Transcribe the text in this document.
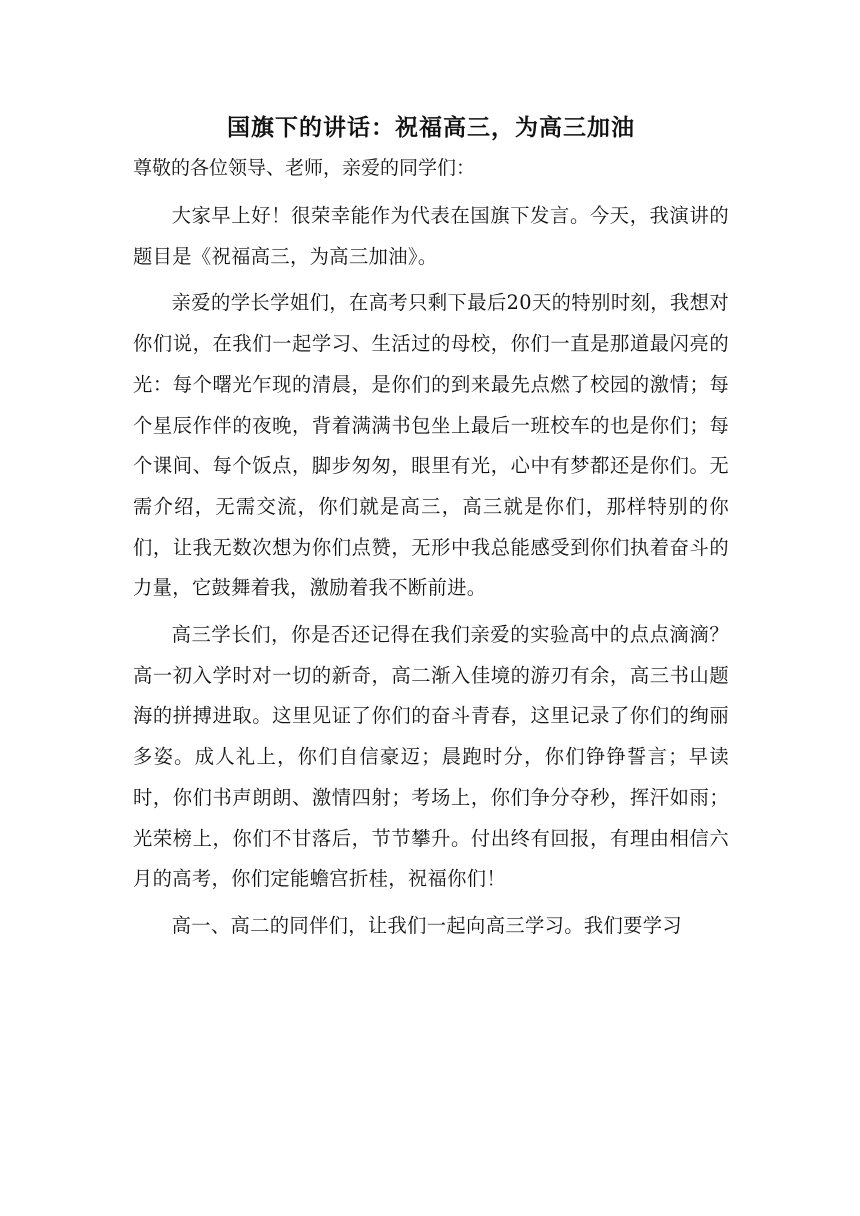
国旗下的讲话：祝福高三，为高三加油

尊敬的各位领导、老师，亲爱的同学们：

大家早上好！很荣幸能作为代表在国旗下发言。今天，我演讲的题目是《祝福高三，为高三加油》。

亲爱的学长学姐们，在高考只剩下最后20天的特别时刻，我想对你们说，在我们一起学习、生活过的母校，你们一直是那道最闪亮的光：每个曙光乍现的清晨，是你们的到来最先点燃了校园的激情；每个星辰作伴的夜晚，背着满满书包坐上最后一班校车的也是你们；每个课间、每个饭点，脚步匆匆，眼里有光，心中有梦都还是你们。无需介绍，无需交流，你们就是高三，高三就是你们，那样特别的你们，让我无数次想为你们点赞，无形中我总能感受到你们执着奋斗的力量，它鼓舞着我，激励着我不断前进。

高三学长们，你是否还记得在我们亲爱的实验高中的点点滴滴？高一初入学时对一切的新奇，高二渐入佳境的游刃有余，高三书山题海的拼搏进取。这里见证了你们的奋斗青春，这里记录了你们的绚丽多姿。成人礼上，你们自信豪迈；晨跑时分，你们铮铮誓言；早读时，你们书声朗朗、激情四射；考场上，你们争分夺秒，挥汗如雨；光荣榜上，你们不甘落后，节节攀升。付出终有回报，有理由相信六月的高考，你们定能蟾宫折桂，祝福你们！

高一、高二的同伴们，让我们一起向高三学习。我们要学习
